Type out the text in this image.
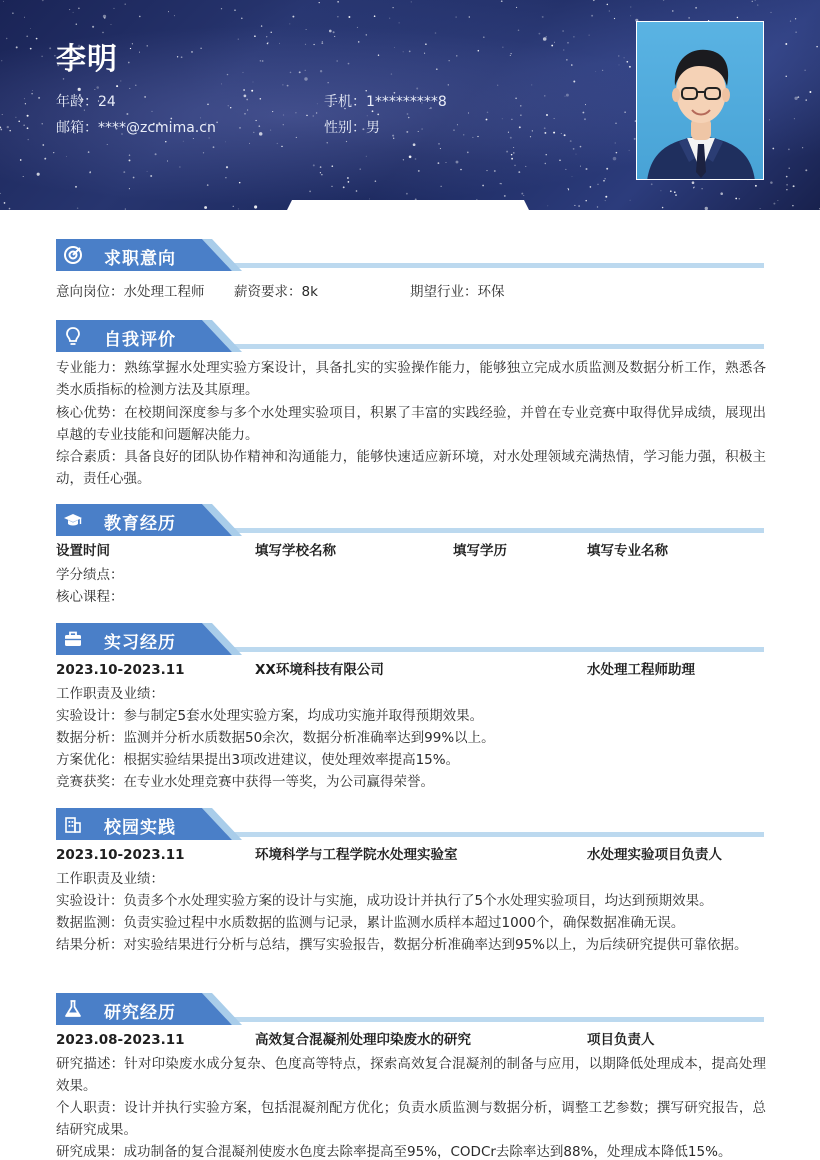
李明
年龄：24	手机：1*********8
邮箱：****@zcmima.cn	性别：男
求职意向
意向岗位：水处理工程师 薪资要求：8k	期望行业：环保
自我评价
专业能力：熟练掌握水处理实验方案设计，具备扎实的实验操作能力，能够独立完成水质监测及数据分析工作，熟悉各类水质指标的检测方法及其原理。
核心优势：在校期间深度参与多个水处理实验项目，积累了丰富的实践经验，并曾在专业竞赛中取得优异成绩，展现出卓越的专业技能和问题解决能力。
综合素质：具备良好的团队协作精神和沟通能力，能够快速适应新环境，对水处理领域充满热情，学习能力强，积极主动，责任心强。
教育经历
设置时间	填写学校名称	填写学历	填写专业名称
学分绩点：
核心课程：
实习经历
2023.10-2023.11	XX环境科技有限公司	水处理工程师助理
工作职责及业绩：
实验设计：参与制定5套水处理实验方案，均成功实施并取得预期效果。
数据分析：监测并分析水质数据50余次，数据分析准确率达到99%以上。
方案优化：根据实验结果提出3项改进建议，使处理效率提高15%。
竞赛获奖：在专业水处理竞赛中获得一等奖，为公司赢得荣誉。
校园实践
2023.10-2023.11	环境科学与工程学院水处理实验室	水处理实验项目负责人
工作职责及业绩：
实验设计：负责多个水处理实验方案的设计与实施，成功设计并执行了5个水处理实验项目，均达到预期效果。
数据监测：负责实验过程中水质数据的监测与记录，累计监测水质样本超过1000个，确保数据准确无误。
结果分析：对实验结果进行分析与总结，撰写实验报告，数据分析准确率达到95%以上，为后续研究提供可靠依据。
研究经历
2023.08-2023.11	高效复合混凝剂处理印染废水的研究	项目负责人
研究描述：针对印染废水成分复杂、色度高等特点，探索高效复合混凝剂的制备与应用，以期降低处理成本，提高处理效果。
个人职责：设计并执行实验方案，包括混凝剂配方优化；负责水质监测与数据分析，调整工艺参数；撰写研究报告，总结研究成果。
研究成果：成功制备的复合混凝剂使废水色度去除率提高至95%，CODCr去除率达到88%，处理成本降低15%。
